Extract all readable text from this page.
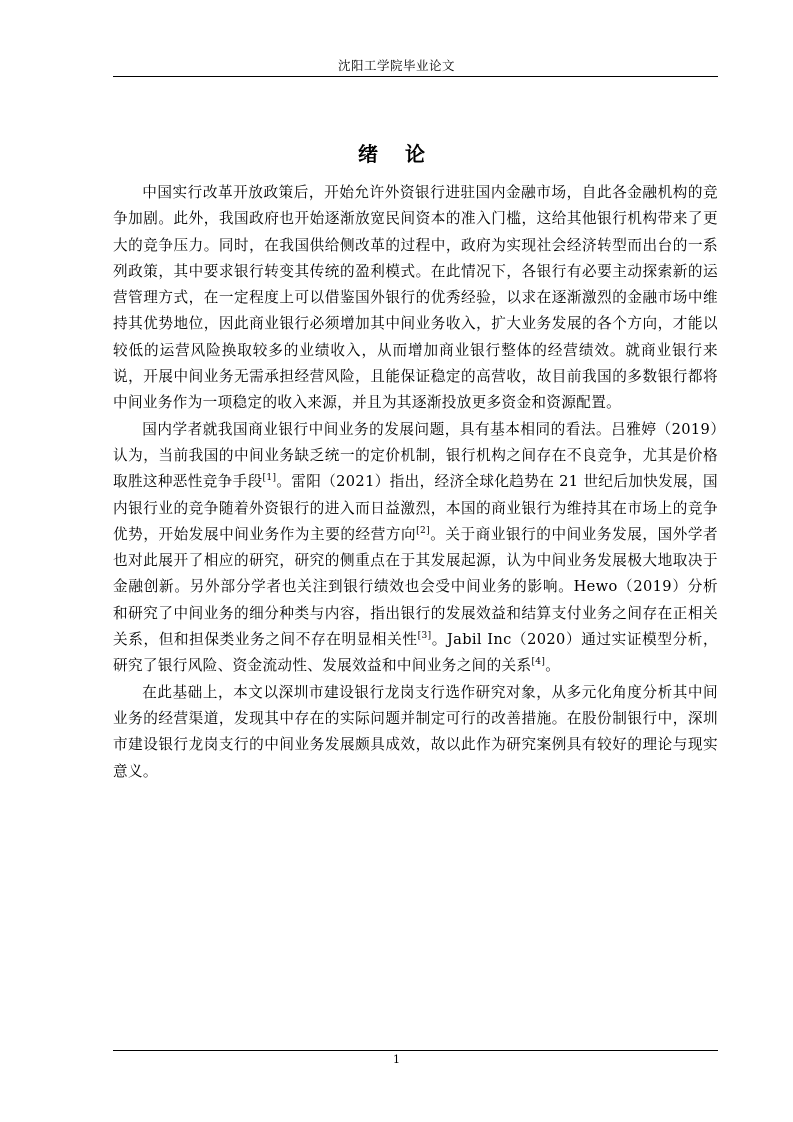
沈阳工学院毕业论文
绪 论

中国实行改革开放政策后，开始允许外资银行进驻国内金融市场，自此各金融机构的竞争加剧。此外，我国政府也开始逐渐放宽民间资本的准入门槛，这给其他银行机构带来了更大的竞争压力。同时，在我国供给侧改革的过程中，政府为实现社会经济转型而出台的一系列政策，其中要求银行转变其传统的盈利模式。在此情况下，各银行有必要主动探索新的运营管理方式，在一定程度上可以借鉴国外银行的优秀经验，以求在逐渐激烈的金融市场中维持其优势地位，因此商业银行必须增加其中间业务收入，扩大业务发展的各个方向，才能以较低的运营风险换取较多的业绩收入，从而增加商业银行整体的经营绩效。就商业银行来说，开展中间业务无需承担经营风险，且能保证稳定的高营收，故目前我国的多数银行都将中间业务作为一项稳定的收入来源，并且为其逐渐投放更多资金和资源配置。

国内学者就我国商业银行中间业务的发展问题，具有基本相同的看法。吕雅婷（2019）认为，当前我国的中间业务缺乏统一的定价机制，银行机构之间存在不良竞争，尤其是价格取胜这种恶性竞争手段[1]。雷阳（2021）指出，经济全球化趋势在 21 世纪后加快发展，国内银行业的竞争随着外资银行的进入而日益激烈，本国的商业银行为维持其在市场上的竞争优势，开始发展中间业务作为主要的经营方向[2]。关于商业银行的中间业务发展，国外学者也对此展开了相应的研究，研究的侧重点在于其发展起源，认为中间业务发展极大地取决于金融创新。另外部分学者也关注到银行绩效也会受中间业务的影响。Hewo（2019）分析和研究了中间业务的细分种类与内容，指出银行的发展效益和结算支付业务之间存在正相关关系，但和担保类业务之间不存在明显相关性[3]。Jabil Inc（2020）通过实证模型分析，研究了银行风险、资金流动性、发展效益和中间业务之间的关系[4]。

在此基础上，本文以深圳市建设银行龙岗支行选作研究对象，从多元化角度分析其中间业务的经营渠道，发现其中存在的实际问题并制定可行的改善措施。在股份制银行中，深圳市建设银行龙岗支行的中间业务发展颇具成效，故以此作为研究案例具有较好的理论与现实意义。

1
